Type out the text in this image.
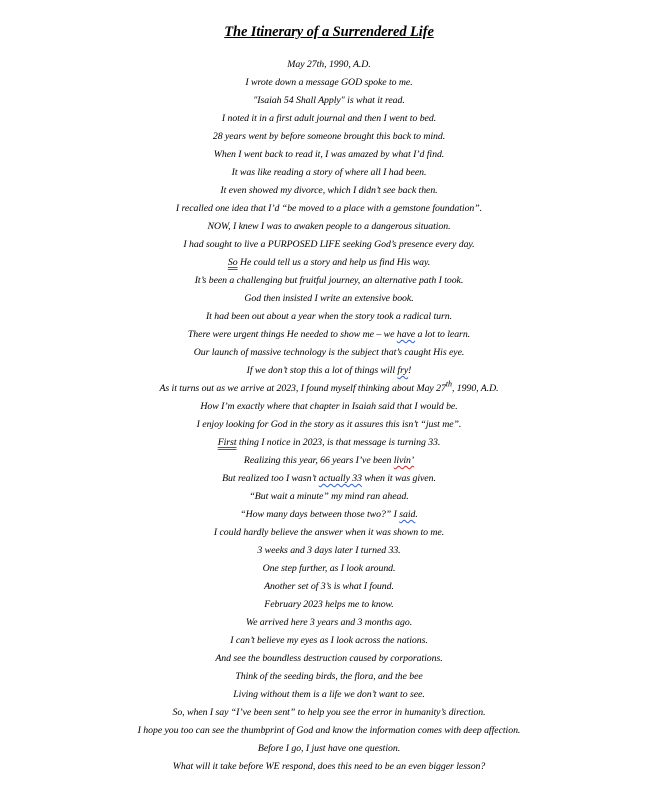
The Itinerary of a Surrendered Life
May 27th, 1990, A.D.
I wrote down a message GOD spoke to me.
"Isaiah 54 Shall Apply" is what it read.
I noted it in a first adult journal and then I went to bed.
28 years went by before someone brought this back to mind.
When I went back to read it, I was amazed by what I’d find.
It was like reading a story of where all I had been.
It even showed my divorce, which I didn’t see back then.
I recalled one idea that I’d “be moved to a place with a gemstone foundation”.
NOW, I knew I was to awaken people to a dangerous situation.
I had sought to live a PURPOSED LIFE seeking God’s presence every day.
So He could tell us a story and help us find His way.
It’s been a challenging but fruitful journey, an alternative path I took.
God then insisted I write an extensive book.
It had been out about a year when the story took a radical turn.
There were urgent things He needed to show me – we have a lot to learn.
Our launch of massive technology is the subject that’s caught His eye.
If we don’t stop this a lot of things will fry!
As it turns out as we arrive at 2023, I found myself thinking about May 27th, 1990, A.D.
How I’m exactly where that chapter in Isaiah said that I would be.
I enjoy looking for God in the story as it assures this isn’t “just me”.
First thing I notice in 2023, is that message is turning 33.
Realizing this year, 66 years I’ve been livin’
But realized too I wasn’t actually 33 when it was given.
“But wait a minute” my mind ran ahead.
“How many days between those two?” I said.
I could hardly believe the answer when it was shown to me.
3 weeks and 3 days later I turned 33.
One step further, as I look around.
Another set of 3’s is what I found.
February 2023 helps me to know.
We arrived here 3 years and 3 months ago.
I can’t believe my eyes as I look across the nations.
And see the boundless destruction caused by corporations.
Think of the seeding birds, the flora, and the bee
Living without them is a life we don’t want to see.
So, when I say “I’ve been sent” to help you see the error in humanity’s direction.
I hope you too can see the thumbprint of God and know the information comes with deep affection.
Before I go, I just have one question.
What will it take before WE respond, does this need to be an even bigger lesson?
